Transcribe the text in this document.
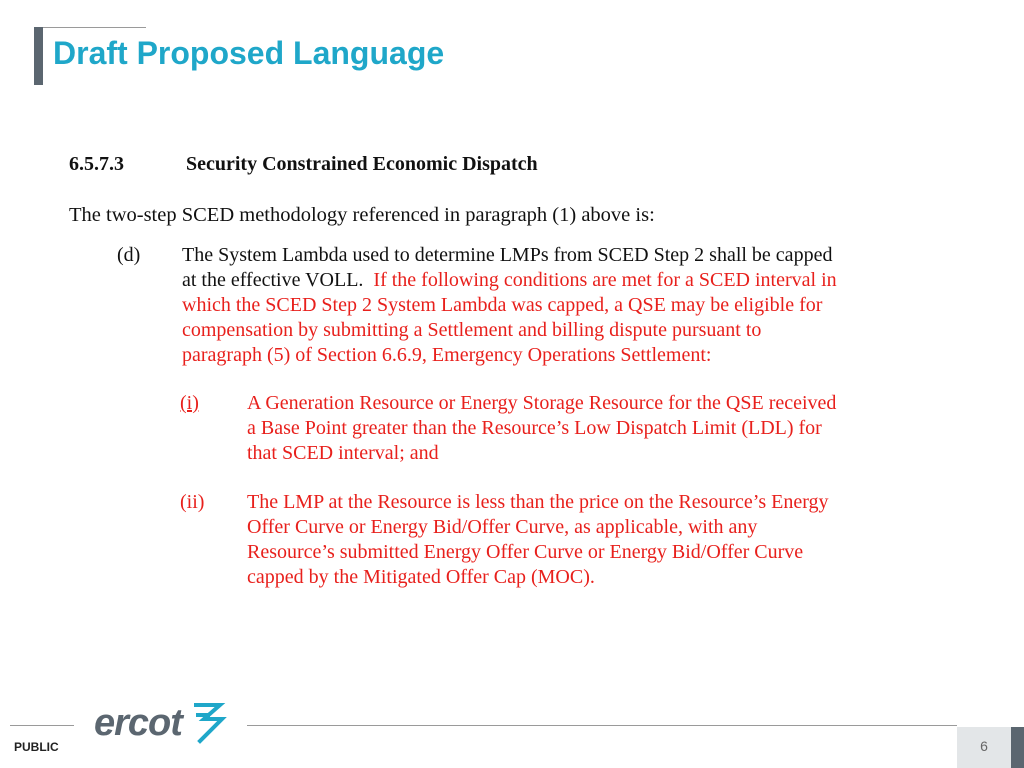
Draft Proposed Language
6.5.7.3	Security Constrained Economic Dispatch
The two-step SCED methodology referenced in paragraph (1) above is:
(d) The System Lambda used to determine LMPs from SCED Step 2 shall be capped
at the effective VOLL. If the following conditions are met for a SCED interval in
which the SCED Step 2 System Lambda was capped, a QSE may be eligible for
compensation by submitting a Settlement and billing dispute pursuant to
paragraph (5) of Section 6.6.9, Emergency Operations Settlement:
(i) A Generation Resource or Energy Storage Resource for the QSE received
a Base Point greater than the Resource’s Low Dispatch Limit (LDL) for
that SCED interval; and
(ii) The LMP at the Resource is less than the price on the Resource’s Energy
Offer Curve or Energy Bid/Offer Curve, as applicable, with any
Resource’s submitted Energy Offer Curve or Energy Bid/Offer Curve
capped by the Mitigated Offer Cap (MOC).
PUBLIC
ercot
6
